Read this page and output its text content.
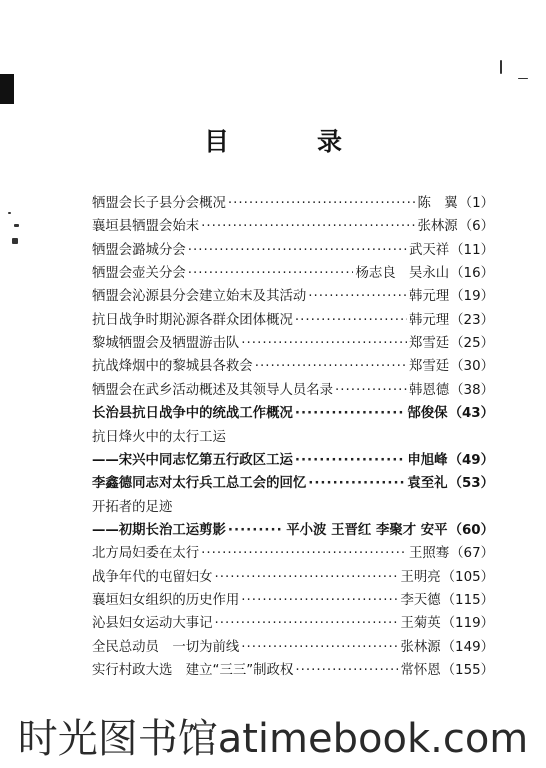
目	录
牺盟会长子县分会概况 ·····	陈　翼 （1）
襄垣县牺盟会始末 ·····	张林源 （6）
牺盟会潞城分会 ·····	武天祥 （11）
牺盟会壶关分会 ·····	杨志良　吴永山 （16）
牺盟会沁源县分会建立始末及其活动 ·····	韩元理 （19）
抗日战争时期沁源各群众团体概况 ·····	韩元理 （23）
黎城牺盟会及牺盟游击队 ·····	郑雪廷 （25）
抗战烽烟中的黎城县各救会 ·····	郑雪廷 （30）
牺盟会在武乡活动概述及其领导人员名录 ·····	韩恩德 （38）
长治县抗日战争中的统战工作概况 ·····	郜俊保 （43）
抗日烽火中的太行工运
——宋兴中同志忆第五行政区工运 ·····	申旭峰 （49）
李鑫德同志对太行兵工总工会的回忆 ·····	袁至礼 （53）
开拓者的足迹
——初期长治工运剪影 ·····	平小波 王晋红 李聚才 安平 （60）
北方局妇委在太行 ·····	王照骞 （67）
战争年代的屯留妇女 ·····	王明亮 （105）
襄垣妇女组织的历史作用 ·····	李天德 （115）
沁县妇女运动大事记 ·····	王菊英 （119）
全民总动员　一切为前线 ·····	张林源 （149）
实行村政大选　建立“三三”制政权 ·····	常怀恩 （155）
时光图书馆atimebook.com
